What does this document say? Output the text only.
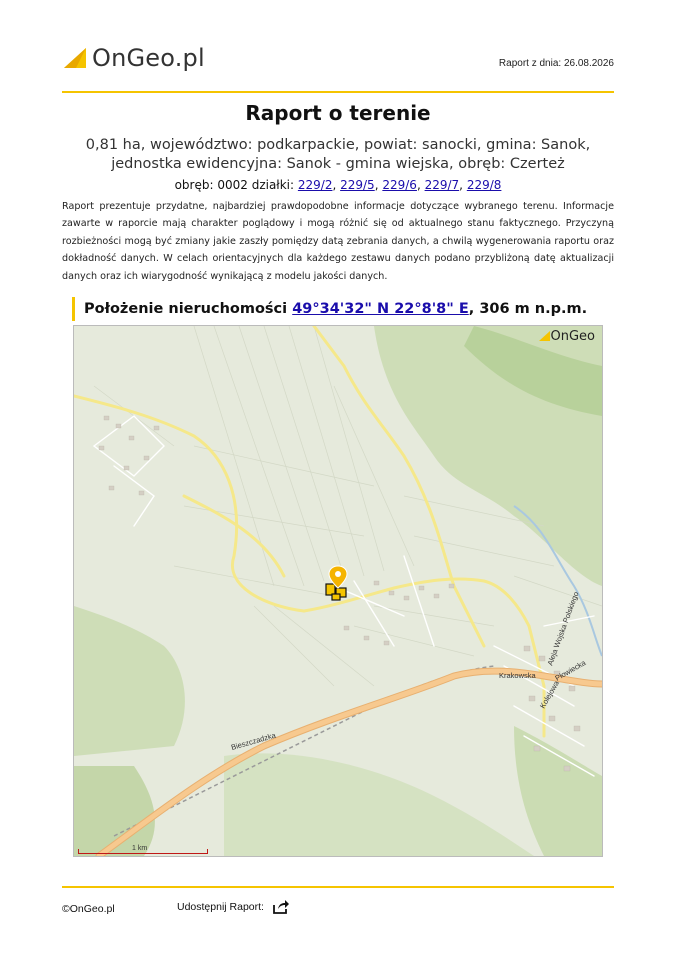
OnGeo.pl	Raport z dnia: 26.08.2026
Raport o terenie
0,81 ha, województwo: podkarpackie, powiat: sanocki, gmina: Sanok, jednostka ewidencyjna: Sanok - gmina wiejska, obręb: Czerteż
obręb: 0002 działki: 229/2, 229/5, 229/6, 229/7, 229/8
Raport prezentuje przydatne, najbardziej prawdopodobne informacje dotyczące wybranego terenu. Informacje zawarte w raporcie mają charakter poglądowy i mogą różnić się od aktualnego stanu faktycznego. Przyczyną rozbieżności mogą być zmiany jakie zaszły pomiędzy datą zebrania danych, a chwilą wygenerowania raportu oraz dokładność danych. W celach orientacyjnych dla każdego zestawu danych podano przybliżoną datę aktualizacji danych oraz ich wiarygodność wynikającą z modelu jakości danych.
Położenie nieruchomości
49°34'32" N 22°8'8" E , 306 m n.p.m.
Krakowska
Bieszczadzka
Kolejowa
Płowiecka
Aleja Wojska Polskiego
OnGeo
1 km
©OnGeo.pl	Udostępnij Raport:
